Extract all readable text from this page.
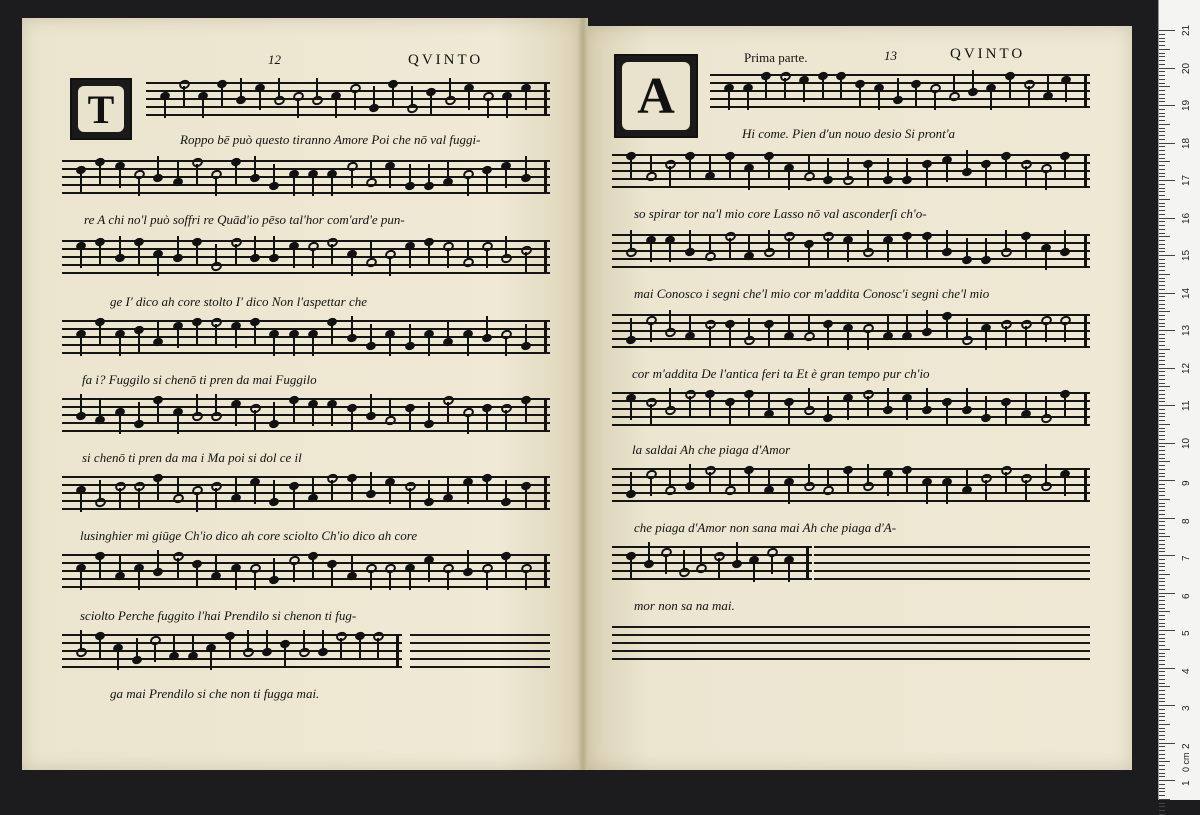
12	QVINTO
T
Prima parte.	13	QVINTO
A
Roppo bē può questo tiranno Amore Poi che nō val fuggi-
re A chi no'l può soffri re Quād'io pēso tal'hor com'ard'e pun-
ge I' dico ah core stolto I' dico Non l'aspettar che
fa i? Fuggilo si chenō ti pren da mai Fuggilo
si chenō ti pren da ma i Ma poi si dol ce il
lusinghier mi giūge Ch'io dico ah core sciolto Ch'io dico ah core
sciolto Perche fuggito l'hai Prendilo si chenon ti fug-
ga mai Prendilo si che non ti fugga mai.
Hi come. Pien d'un nouo desio Si pront'a
so spirar tor na'l mio core Lasso nō val asconderſi ch'o-
mai Conosco i segni che'l mio cor m'addita Conosc'i segni che'l mio
cor m'addita De l'antica feri ta Et è gran tempo pur ch'io
la saldai Ah che piaga d'Amor
che piaga d'Amor non sana mai Ah che piaga d'A-
mor non sa na mai.
0 cm
21
20
19
18
17
16
15
14
13
12
11
10
9
8
7
6
5
4
3
2
1
